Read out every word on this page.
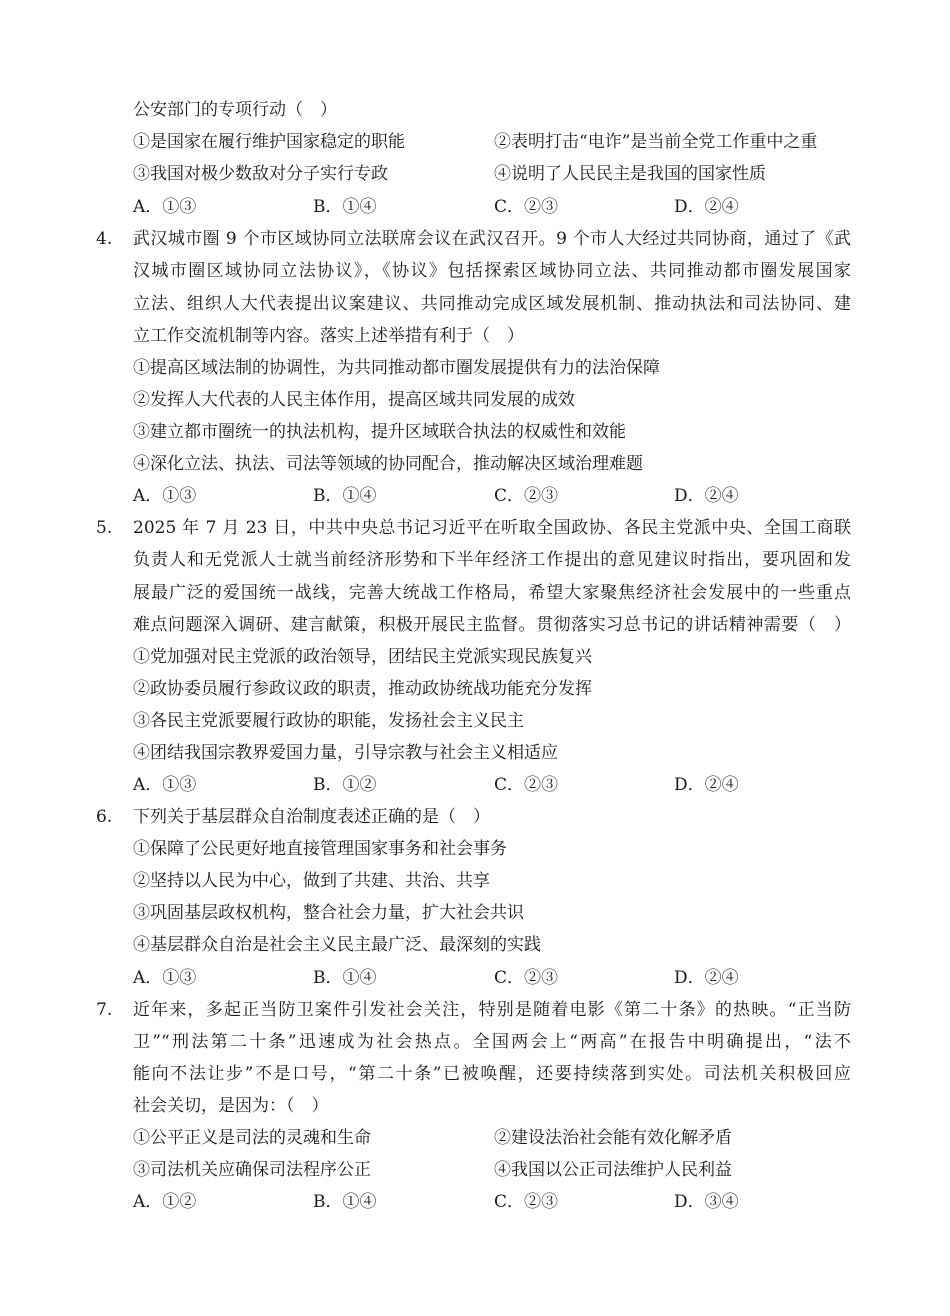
公安部门的专项行动（　）
①是国家在履行维护国家稳定的职能	②表明打击“电诈”是当前全党工作重中之重
③我国对极少数敌对分子实行专政	④说明了人民民主是我国的国家性质
A．①③	B．①④	C．②③	D．②④
4. 武汉城市圈 9 个市区域协同立法联席会议在武汉召开。9 个市人大经过共同协商，通过了《武
汉城市圈区域协同立法协议》，《协议》包括探索区域协同立法、共同推动都市圈发展国家
立法、组织人大代表提出议案建议、共同推动完成区域发展机制、推动执法和司法协同、建
立工作交流机制等内容。落实上述举措有利于（　）
①提高区域法制的协调性，为共同推动都市圈发展提供有力的法治保障
②发挥人大代表的人民主体作用，提高区域共同发展的成效
③建立都市圈统一的执法机构，提升区域联合执法的权威性和效能
④深化立法、执法、司法等领域的协同配合，推动解决区域治理难题
A．①③	B．①④	C．②③	D．②④
5. 2025 年 7 月 23 日，中共中央总书记习近平在听取全国政协、各民主党派中央、全国工商联
负责人和无党派人士就当前经济形势和下半年经济工作提出的意见建议时指出，要巩固和发
展最广泛的爱国统一战线，完善大统战工作格局，希望大家聚焦经济社会发展中的一些重点
难点问题深入调研、建言献策，积极开展民主监督。贯彻落实习总书记的讲话精神需要（　）
①党加强对民主党派的政治领导，团结民主党派实现民族复兴
②政协委员履行参政议政的职责，推动政协统战功能充分发挥
③各民主党派要履行政协的职能，发扬社会主义民主
④团结我国宗教界爱国力量，引导宗教与社会主义相适应
A．①③	B．①②	C．②③	D．②④
6. 下列关于基层群众自治制度表述正确的是（　）
①保障了公民更好地直接管理国家事务和社会事务
②坚持以人民为中心，做到了共建、共治、共享
③巩固基层政权机构，整合社会力量，扩大社会共识
④基层群众自治是社会主义民主最广泛、最深刻的实践
A．①③	B．①④	C．②③	D．②④
7. 近年来，多起正当防卫案件引发社会关注，特别是随着电影《第二十条》的热映。“正当防
卫”“刑法第二十条”迅速成为社会热点。全国两会上“两高”在报告中明确提出，“法不
能向不法让步”不是口号，“第二十条”已被唤醒，还要持续落到实处。司法机关积极回应
社会关切，是因为：（　）
①公平正义是司法的灵魂和生命	②建设法治社会能有效化解矛盾
③司法机关应确保司法程序公正	④我国以公正司法维护人民利益
A．①②	B．①④	C．②③	D．③④
